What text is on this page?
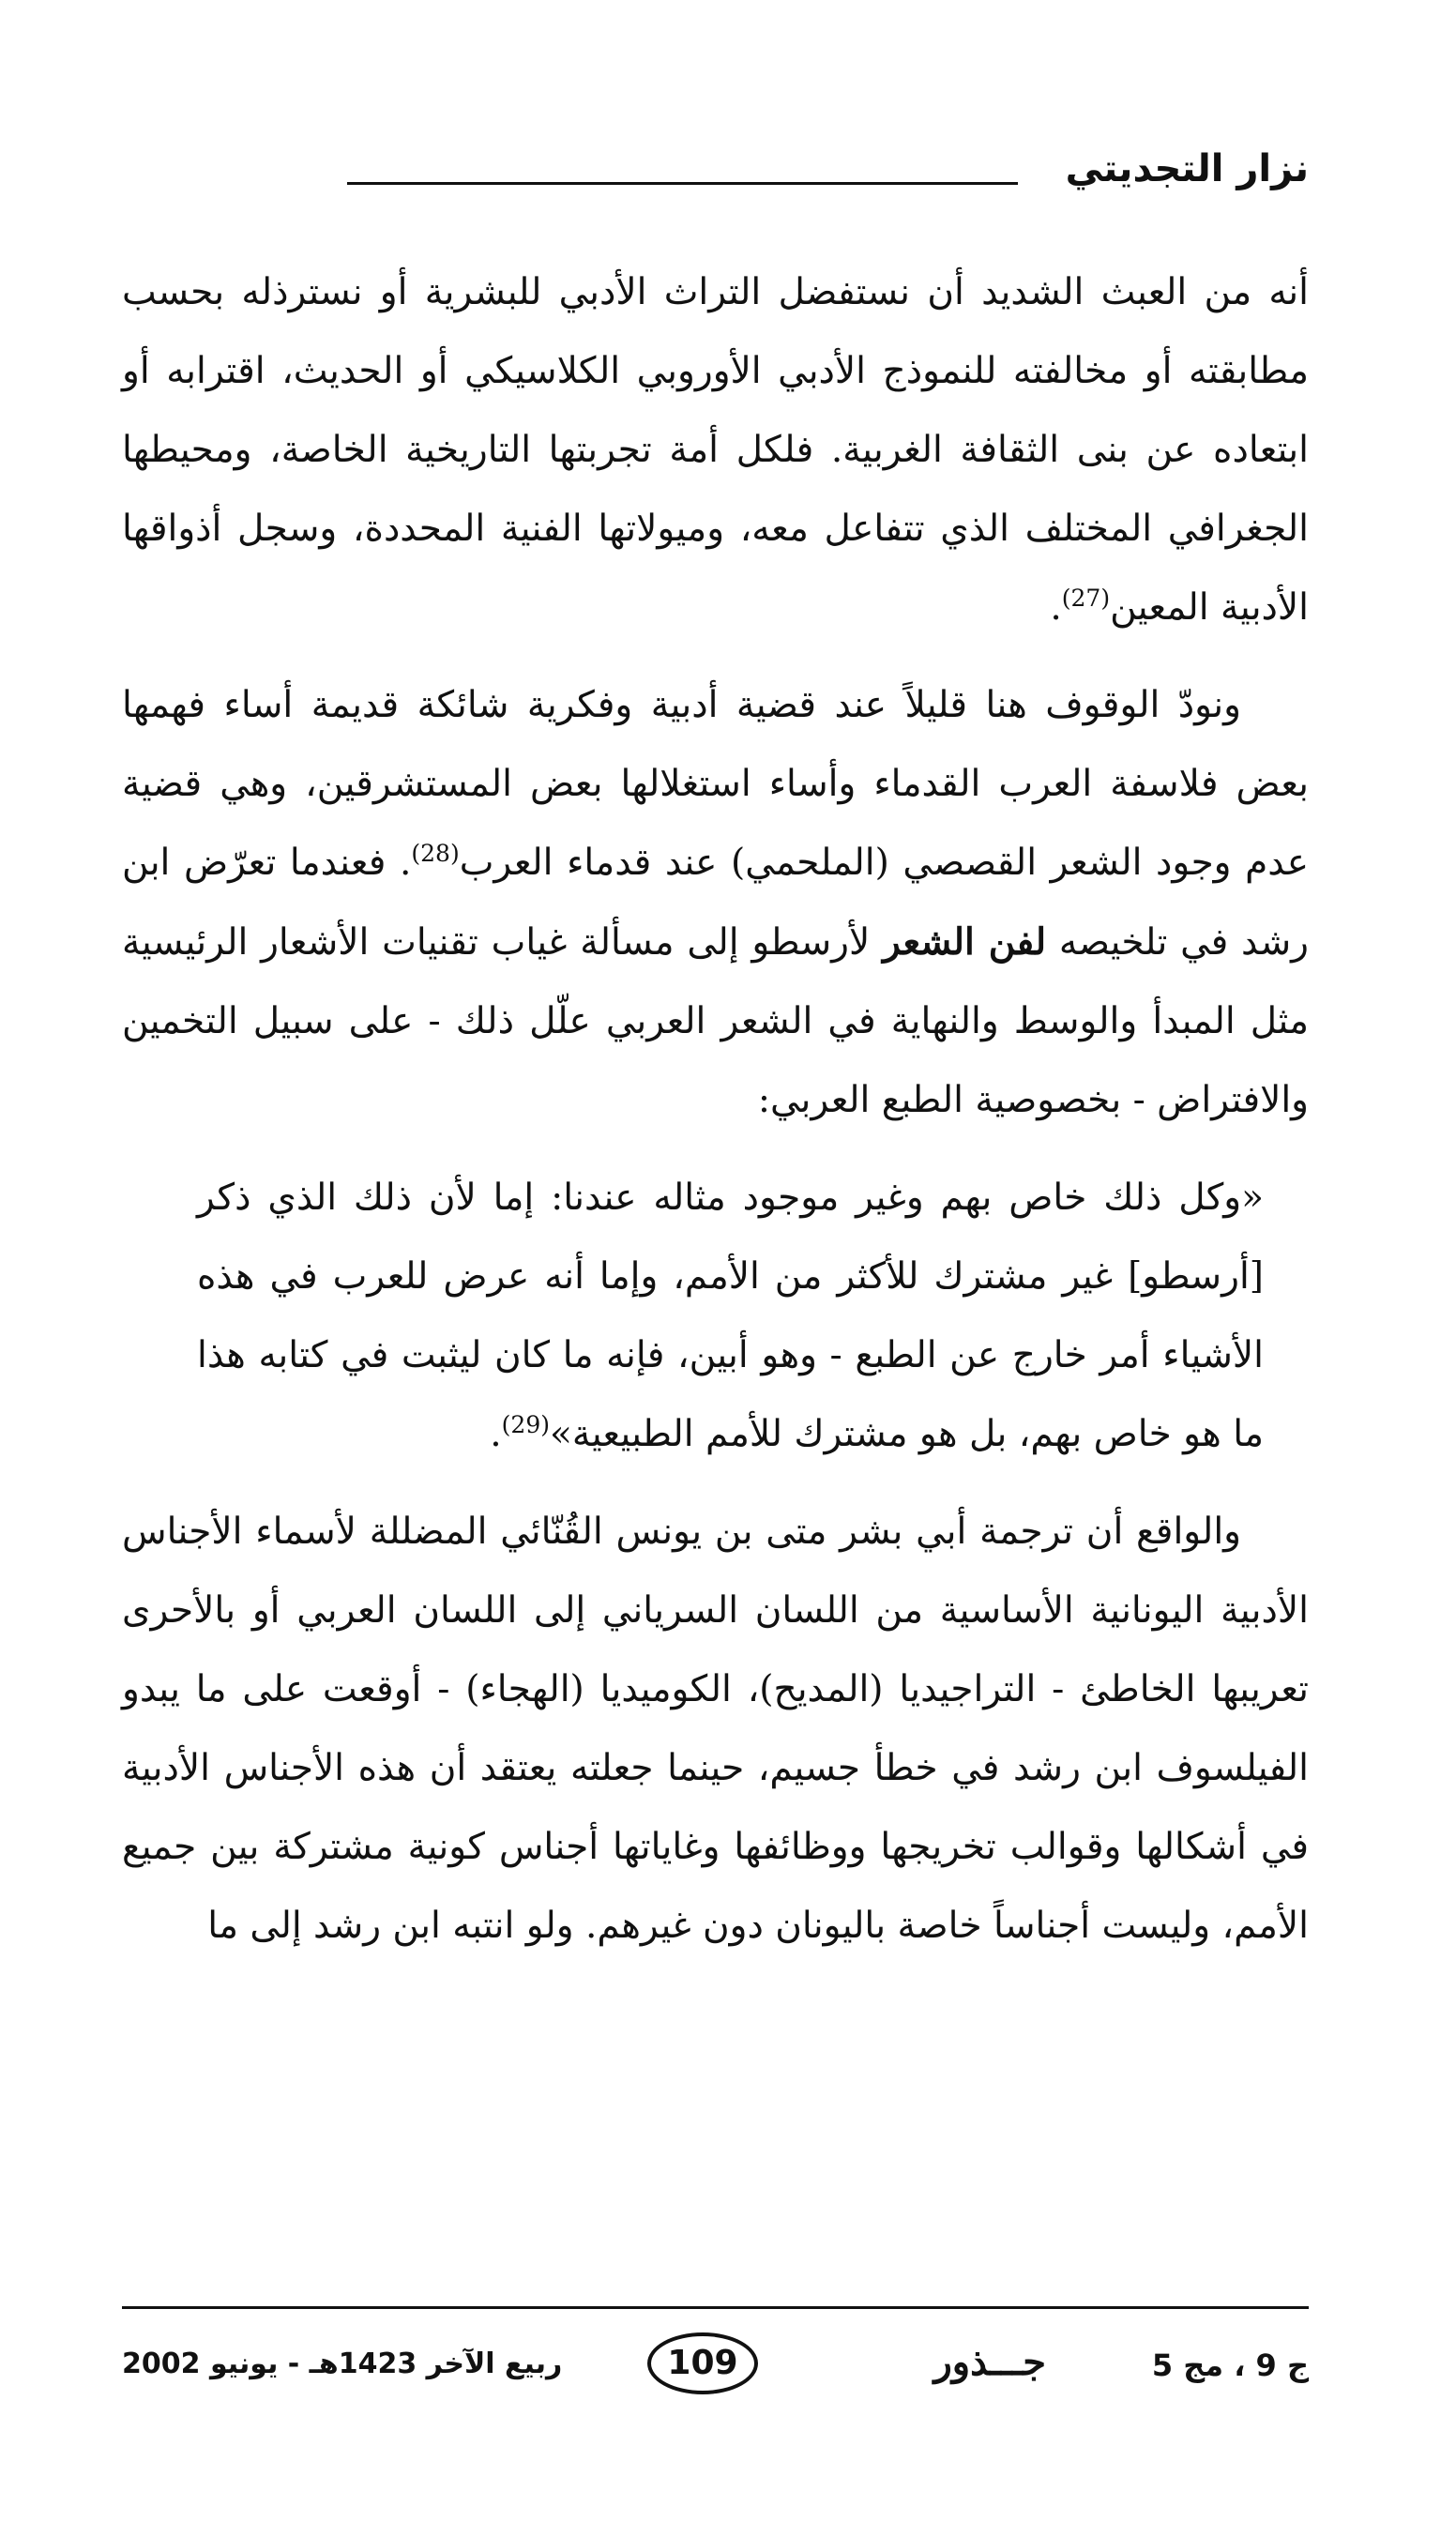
نزار التجديتي

أنه من العبث الشديد أن نستفضل التراث الأدبي للبشرية أو نسترذله بحسب مطابقته أو مخالفته للنموذج الأدبي الأوروبي الكلاسيكي أو الحديث، اقترابه أو ابتعاده عن بنى الثقافة الغربية. فلكل أمة تجربتها التاريخية الخاصة، ومحيطها الجغرافي المختلف الذي تتفاعل معه، وميولاتها الفنية المحددة، وسجل أذواقها الأدبية المعين$^{(27)}$.

ونودّ الوقوف هنا قليلاً عند قضية أدبية وفكرية شائكة قديمة أساء فهمها بعض فلاسفة العرب القدماء وأساء استغلالها بعض المستشرقين، وهي قضية عدم وجود الشعر القصصي (الملحمي) عند قدماء العرب$^{(28)}$. فعندما تعرّض ابن رشد في تلخيصه لفن الشعر لأرسطو إلى مسألة غياب تقنيات الأشعار الرئيسية مثل المبدأ والوسط والنهاية في الشعر العربي علّل ذلك - على سبيل التخمين والافتراض - بخصوصية الطبع العربي:

«وكل ذلك خاص بهم وغير موجود مثاله عندنا: إما لأن ذلك الذي ذكر [أرسطو] غير مشترك للأكثر من الأمم، وإما أنه عرض للعرب في هذه الأشياء أمر خارج عن الطبع - وهو أبين، فإنه ما كان ليثبت في كتابه هذا ما هو خاص بهم، بل هو مشترك للأمم الطبيعية»$^{(29)}$.

والواقع أن ترجمة أبي بشر متى بن يونس القُنّائي المضللة لأسماء الأجناس الأدبية اليونانية الأساسية من اللسان السرياني إلى اللسان العربي أو بالأحرى تعريبها الخاطئ - التراجيديا (المديح)، الكوميديا (الهجاء) - أوقعت على ما يبدو الفيلسوف ابن رشد في خطأ جسيم، حينما جعلته يعتقد أن هذه الأجناس الأدبية في أشكالها وقوالب تخريجها ووظائفها وغاياتها أجناس كونية مشتركة بين جميع الأمم، وليست أجناساً خاصة باليونان دون غيرهم. ولو انتبه ابن رشد إلى ما

ج 9 ، مج 5
جـــذور
ربيع الآخر 1423هـ - يونيو 2002	109
